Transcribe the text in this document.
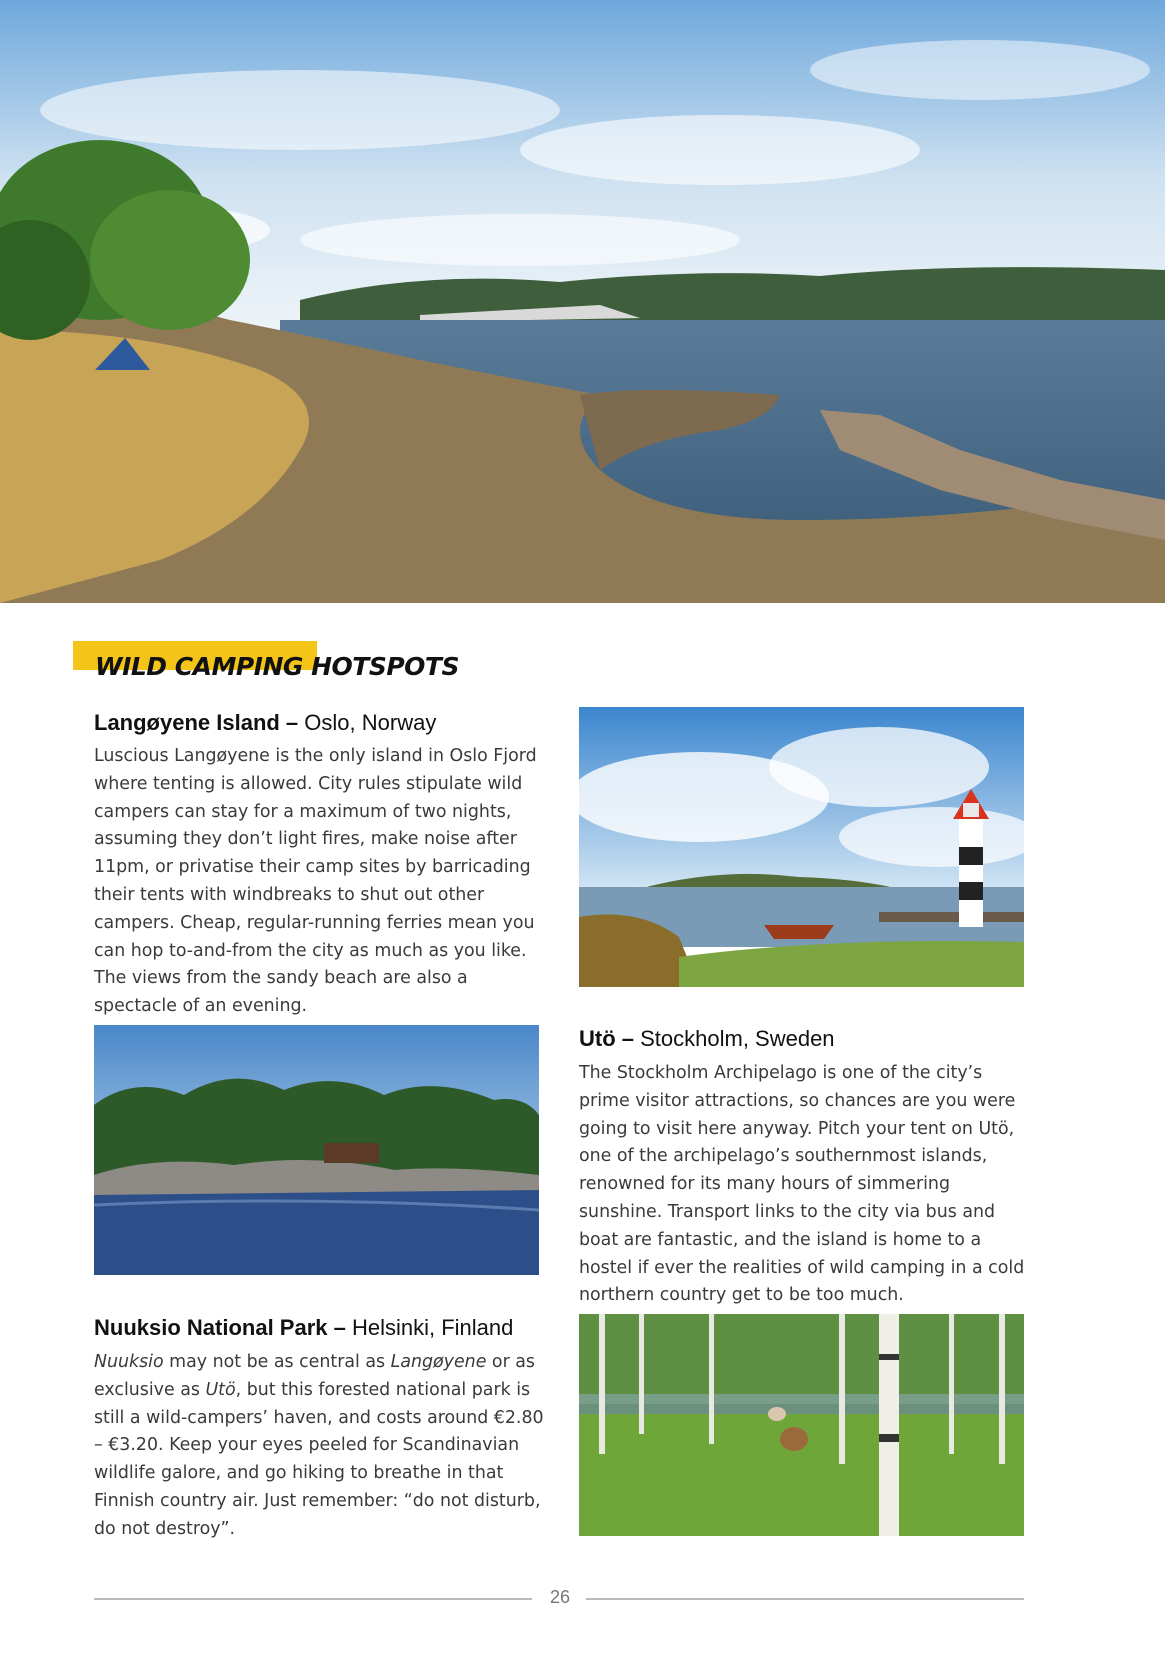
WILD CAMPING HOTSPOTS
Langøyene Island – Oslo, Norway

Luscious Langøyene is the only island in Oslo Fjord where tenting is allowed. City rules stipulate wild campers can stay for a maximum of two nights, assuming they don’t light fires, make noise after 11pm, or privatise their camp sites by barricading their tents with windbreaks to shut out other campers. Cheap, regular-running ferries mean you can hop to-and-from the city as much as you like. The views from the sandy beach are also a spectacle of an evening.

Utö – Stockholm, Sweden

The Stockholm Archipelago is one of the city’s prime visitor attractions, so chances are you were going to visit here anyway. Pitch your tent on Utö, one of the archipelago’s southernmost islands, renowned for its many hours of simmering sunshine. Transport links to the city via bus and boat are fantastic, and the island is home to a hostel if ever the realities of wild camping in a cold northern country get to be too much.

Nuuksio National Park – Helsinki, Finland

Nuuksio may not be as central as Langøyene or as exclusive as Utö, but this forested national park is still a wild-campers’ haven, and costs around €2.80 – €3.20. Keep your eyes peeled for Scandinavian wildlife galore, and go hiking to breathe in that Finnish country air. Just remember: “do not disturb, do not destroy”.

26
